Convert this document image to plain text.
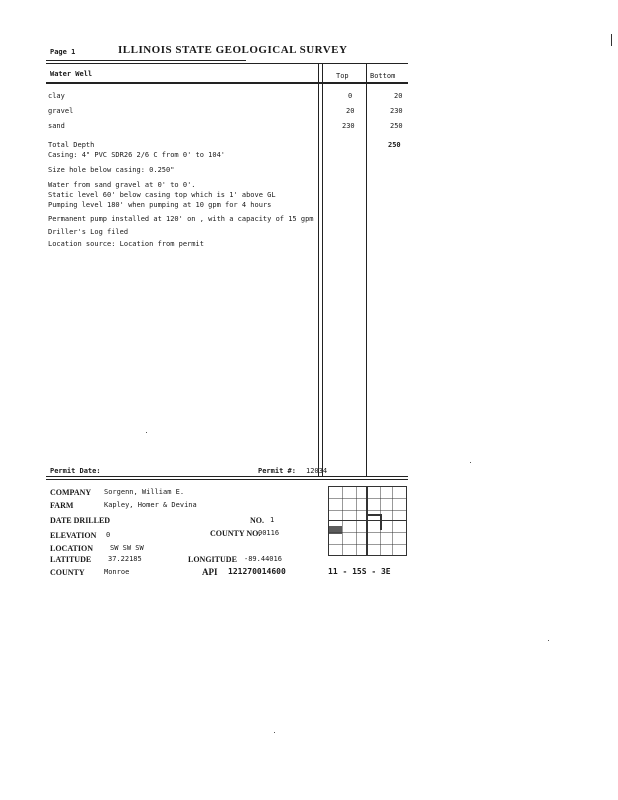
Page 1	ILLINOIS STATE GEOLOGICAL SURVEY
Water Well	Top	Bottom
clay	0	20
gravel	20	230
sand	230	250
Total Depth	250
Casing: 4" PVC SDR26 2/6 C from 0' to 104'
Size hole below casing: 0.250"
Water from sand gravel at 0' to 0'.
Static level 60' below casing top which is 1' above GL
Pumping level 180' when pumping at 10 gpm for 4 hours
Permanent pump installed at 120' on , with a capacity of 15 gpm
Driller's Log filed
Location source: Location from permit
Permit Date:	Permit #: 12034
COMPANY Sorgenn, William E.
FARM	Kapley, Homer & Devina
DATE DRILLED	NO. 1
ELEVATION 0	COUNTY NO.
00116
LOCATION SW SW SW
LATITUDE 37.22185	LONGITUDE -89.44016
COUNTY	Monroe	API 121270014600	11 - 15S - 3E
